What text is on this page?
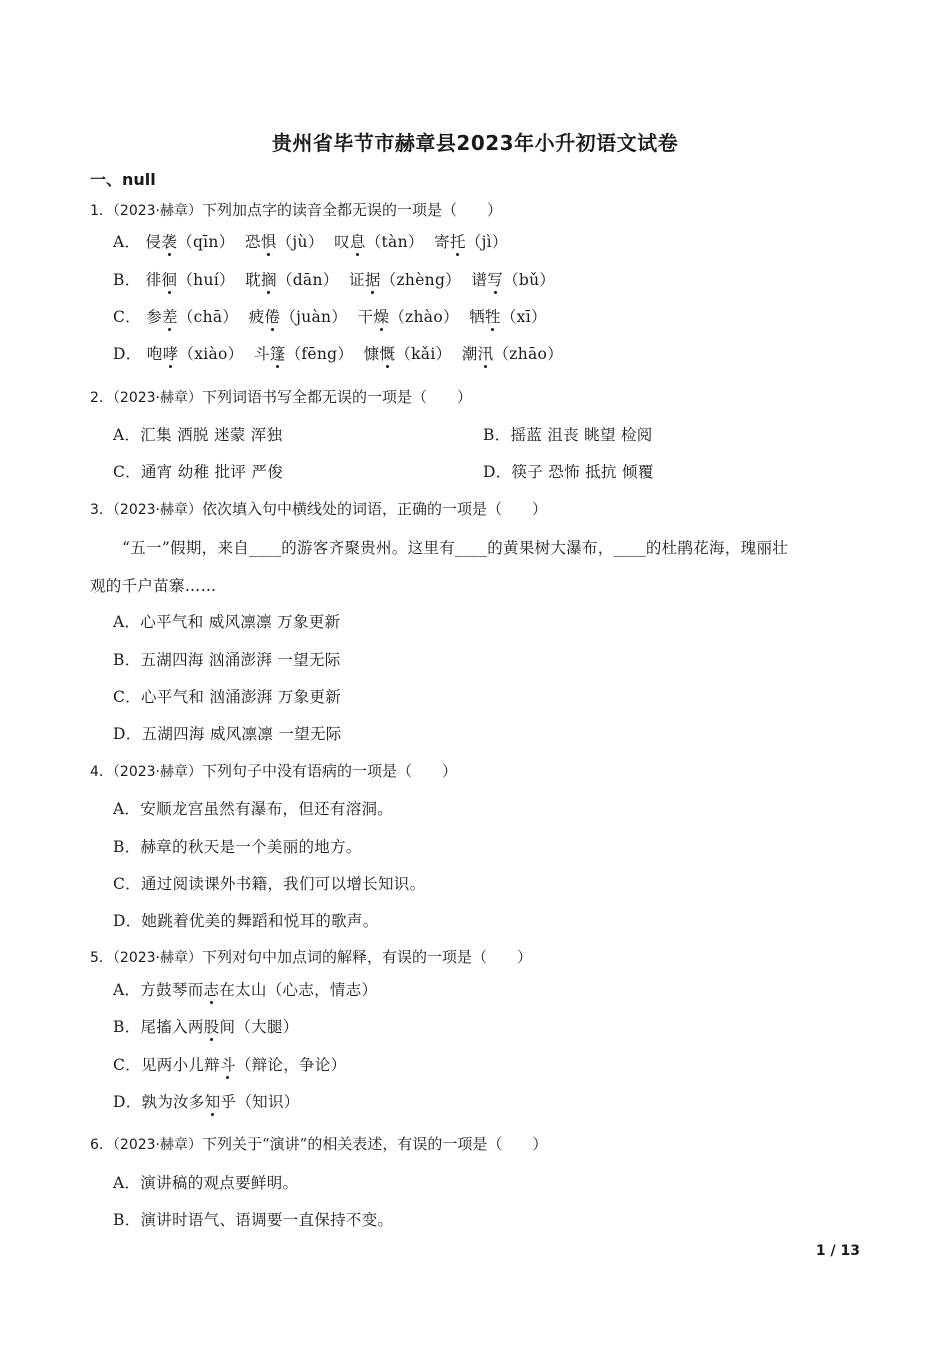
贵州省毕节市赫章县2023年小升初语文试卷
一、null
1．（2023·赫章）下列加点字的读音全都无误的一项是（　　）
A． 侵袭（qīn） 恐惧（jù） 叹息（tàn） 寄托（jì）
B． 徘徊（huí） 耽搁（dān） 证据（zhèng） 谱写（bǔ）
C． 参差（chā） 疲倦（juàn） 干燥（zhào） 牺牲（xī）
D． 咆哮（xiào） 斗篷（fēng） 慷慨（kǎi） 潮汛（zhāo）
2．（2023·赫章）下列词语书写全都无误的一项是（　　）
A．汇集 洒脱 迷蒙 浑独	B．摇蓝 沮丧 眺望 检阅
C．通宵 幼稚 批评 严俊	D．筷子 恐怖 抵抗 倾覆
3．（2023·赫章）依次填入句中横线处的词语，正确的一项是（　　）
“五一”假期，来自____的游客齐聚贵州。这里有____的黄果树大瀑布，____的杜鹃花海，瑰丽壮
观的千户苗寨……
A．心平气和 威风凛凛 万象更新
B．五湖四海 汹涌澎湃 一望无际
C．心平气和 汹涌澎湃 万象更新
D．五湖四海 威风凛凛 一望无际
4．（2023·赫章）下列句子中没有语病的一项是（　　）
A．安顺龙宫虽然有瀑布，但还有溶洞。
B．赫章的秋天是一个美丽的地方。
C．通过阅读课外书籍，我们可以增长知识。
D．她跳着优美的舞蹈和悦耳的歌声。
5．（2023·赫章）下列对句中加点词的解释，有误的一项是（　　）
A．方鼓琴而志在太山（心志，情志）
B．尾搐入两股间（大腿）
C．见两小儿辩斗（辩论，争论）
D．孰为汝多知乎（知识）
6．（2023·赫章）下列关于“演讲”的相关表述，有误的一项是（　　）
A．演讲稿的观点要鲜明。
B．演讲时语气、语调要一直保持不变。
1 / 13
